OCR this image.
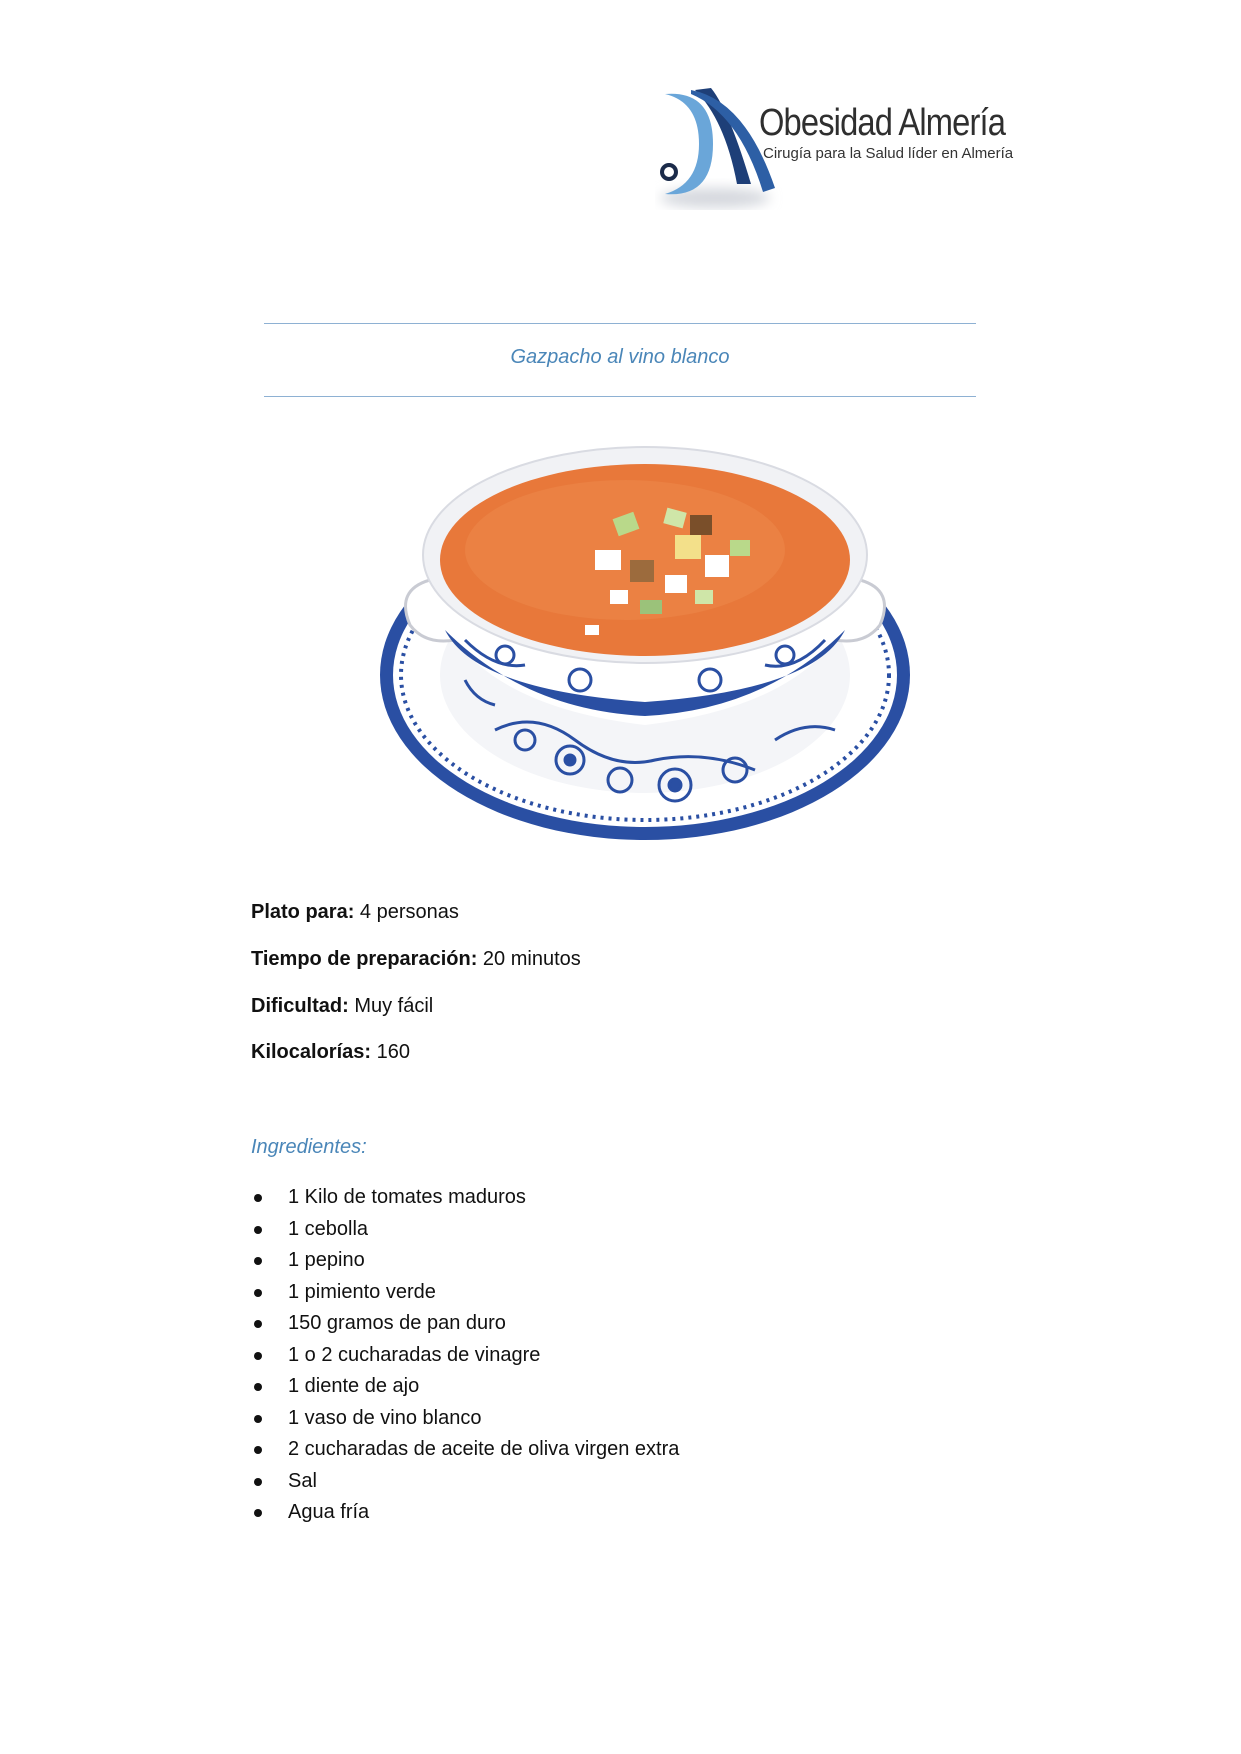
Obesidad Almería
Cirugía para la Salud líder en Almería
Gazpacho al vino blanco
Plato para: 4 personas
Tiempo de preparación: 20 minutos
Dificultad: Muy fácil
Kilocalorías: 160
Ingredientes:
1 Kilo de tomates maduros
1 cebolla
1 pepino
1 pimiento verde
150 gramos de pan duro
1 o 2 cucharadas de vinagre
1 diente de ajo
1 vaso de vino blanco
2 cucharadas de aceite de oliva virgen extra
Sal
Agua fría
